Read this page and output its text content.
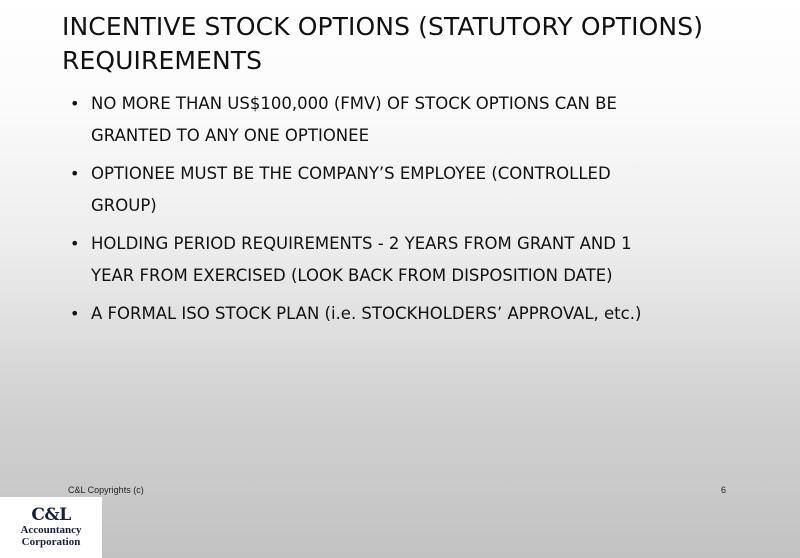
INCENTIVE STOCK OPTIONS (STATUTORY OPTIONS)
REQUIREMENTS
• NO MORE THAN US$100,000 (FMV) OF STOCK OPTIONS CAN BE
GRANTED TO ANY ONE OPTIONEE
• OPTIONEE MUST BE THE COMPANY’S EMPLOYEE (CONTROLLED
GROUP)
• HOLDING PERIOD REQUIREMENTS - 2 YEARS FROM GRANT AND 1
YEAR FROM EXERCISED (LOOK BACK FROM DISPOSITION DATE)
• A FORMAL ISO STOCK PLAN (i.e. STOCKHOLDERS’ APPROVAL, etc.)
C&L Copyrights (c)	6
C&L
Accountancy
Corporation
